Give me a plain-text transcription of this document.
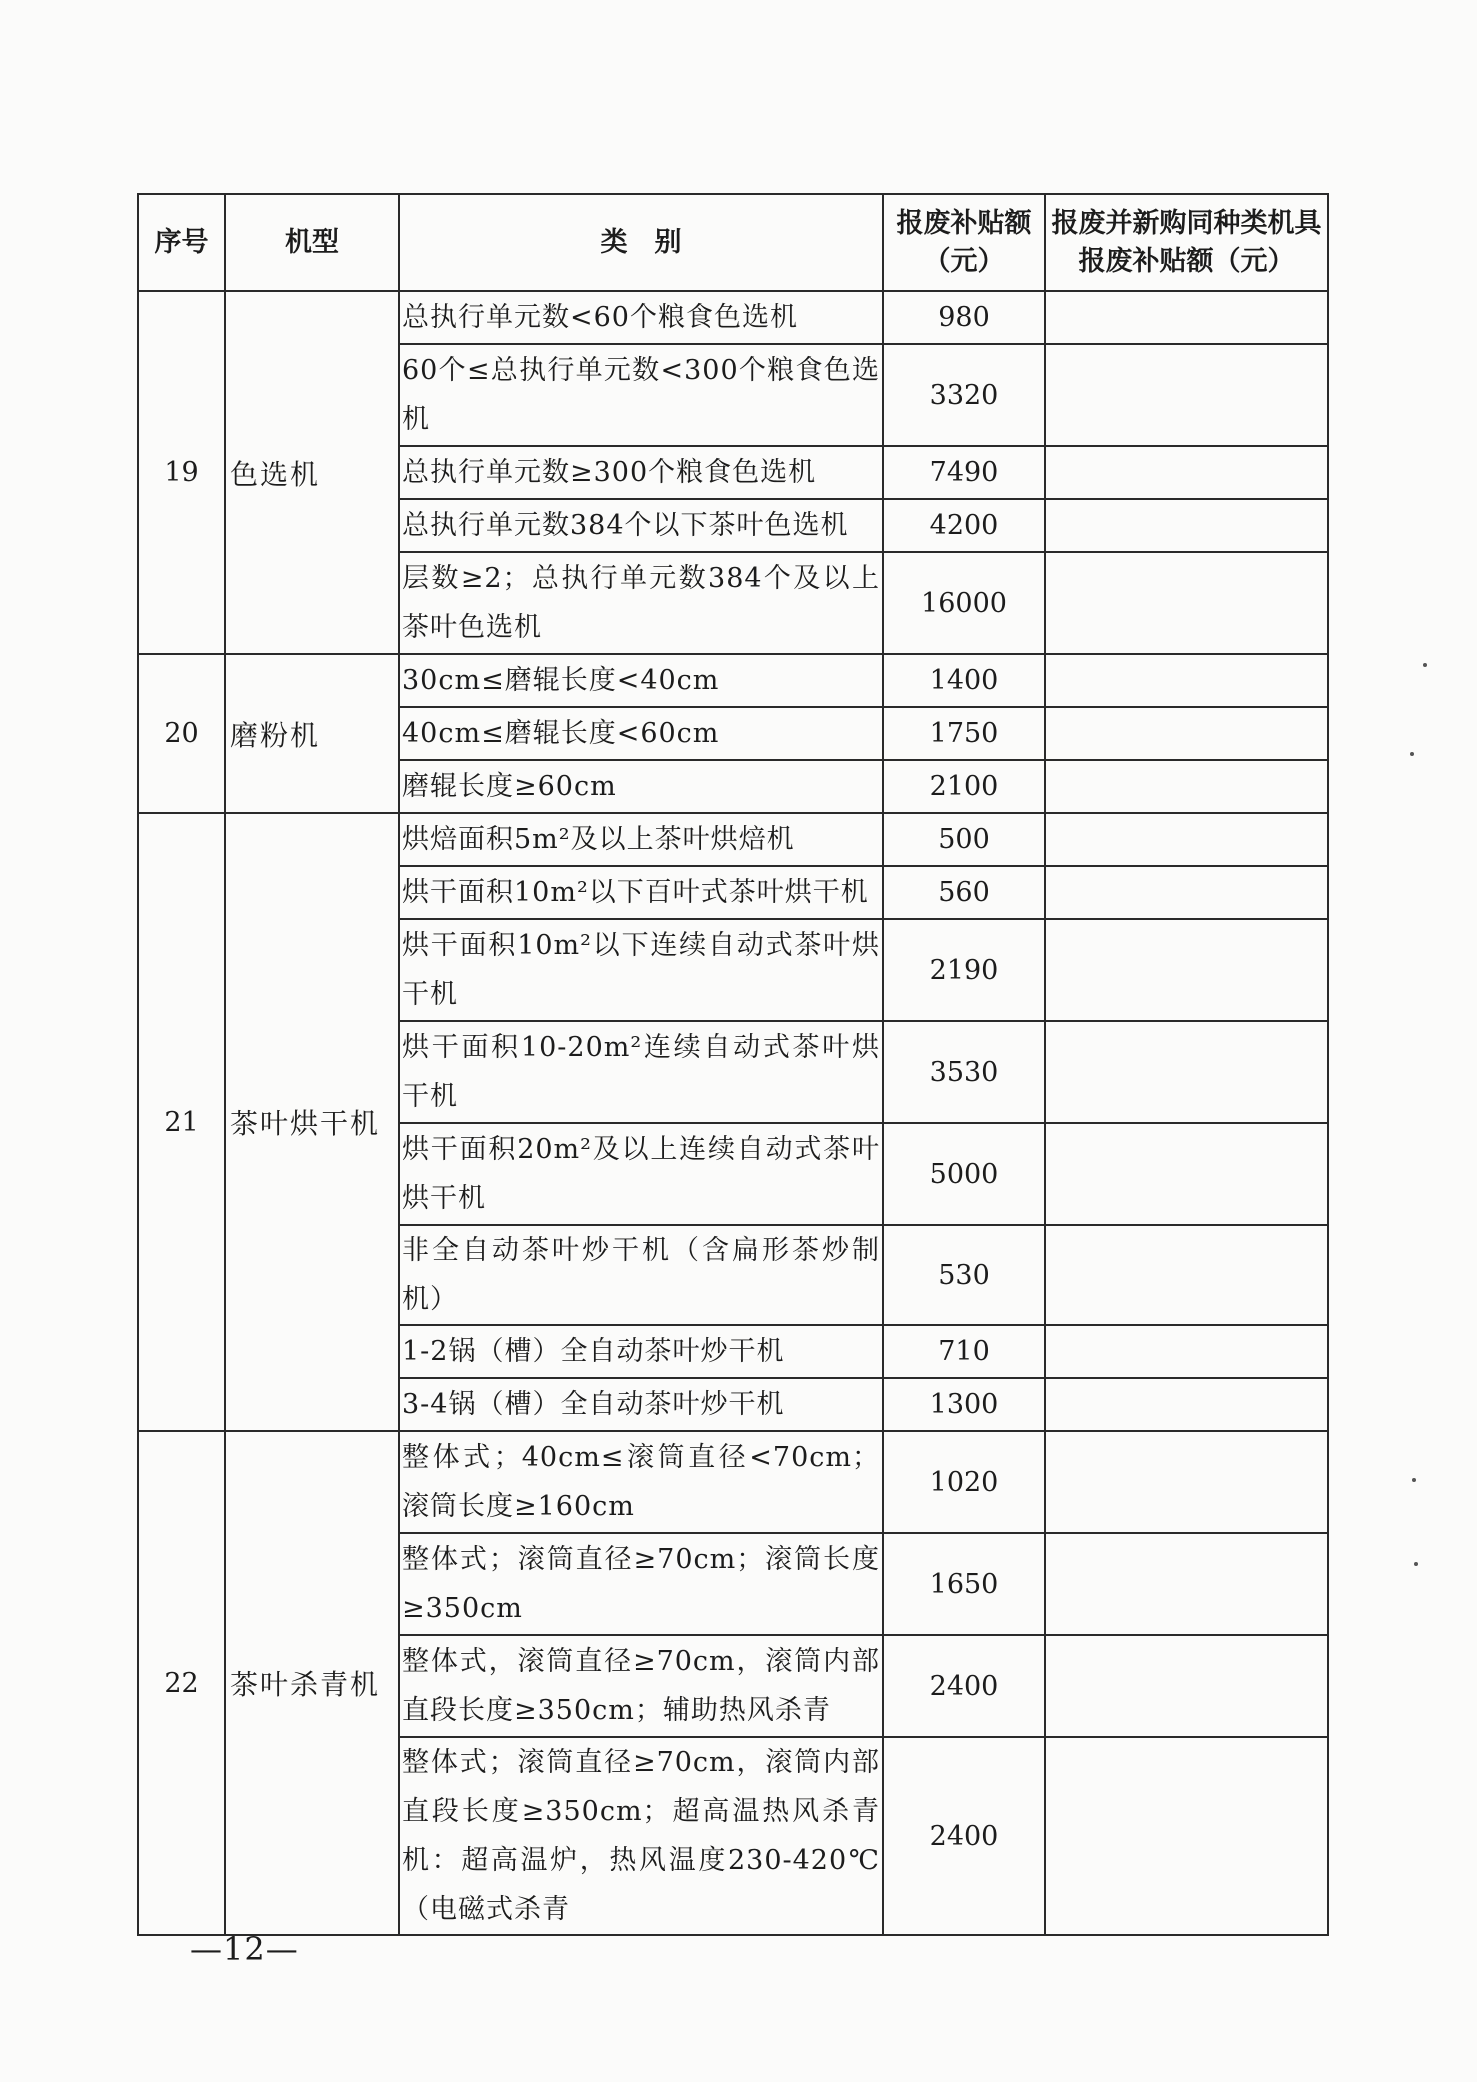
序号	机型	类　别	报废补贴额（元）	报废并新购同种类机具报废补贴额（元）
19	色选机	总执行单元数<60个粮食色选机	980	
		60个≤总执行单元数<300个粮食色选机	3320	
		总执行单元数≥300个粮食色选机	7490	
		总执行单元数384个以下茶叶色选机	4200	
		层数≥2；总执行单元数384个及以上茶叶色选机	16000	
20	磨粉机	30cm≤磨辊长度<40cm	1400	
		40cm≤磨辊长度<60cm	1750	
		磨辊长度≥60cm	2100	
21	茶叶烘干机	烘焙面积5m²及以上茶叶烘焙机	500	
		烘干面积10m²以下百叶式茶叶烘干机	560	
		烘干面积10m²以下连续自动式茶叶烘干机	2190	
		烘干面积10-20m²连续自动式茶叶烘干机	3530	
		烘干面积20m²及以上连续自动式茶叶烘干机	5000	
		非全自动茶叶炒干机（含扁形茶炒制机）	530	
		1-2锅（槽）全自动茶叶炒干机	710	
		3-4锅（槽）全自动茶叶炒干机	1300	
22	茶叶杀青机	整体式；40cm≤滚筒直径<70cm；滚筒长度≥160cm	1020	
		整体式；滚筒直径≥70cm；滚筒长度≥350cm	1650	
		整体式，滚筒直径≥70cm，滚筒内部直段长度≥350cm；辅助热风杀青	2400	
		整体式；滚筒直径≥70cm，滚筒内部直段长度≥350cm；超高温热风杀青机：超高温炉，热风温度230-420℃（电磁式杀青	2400	
—12—
